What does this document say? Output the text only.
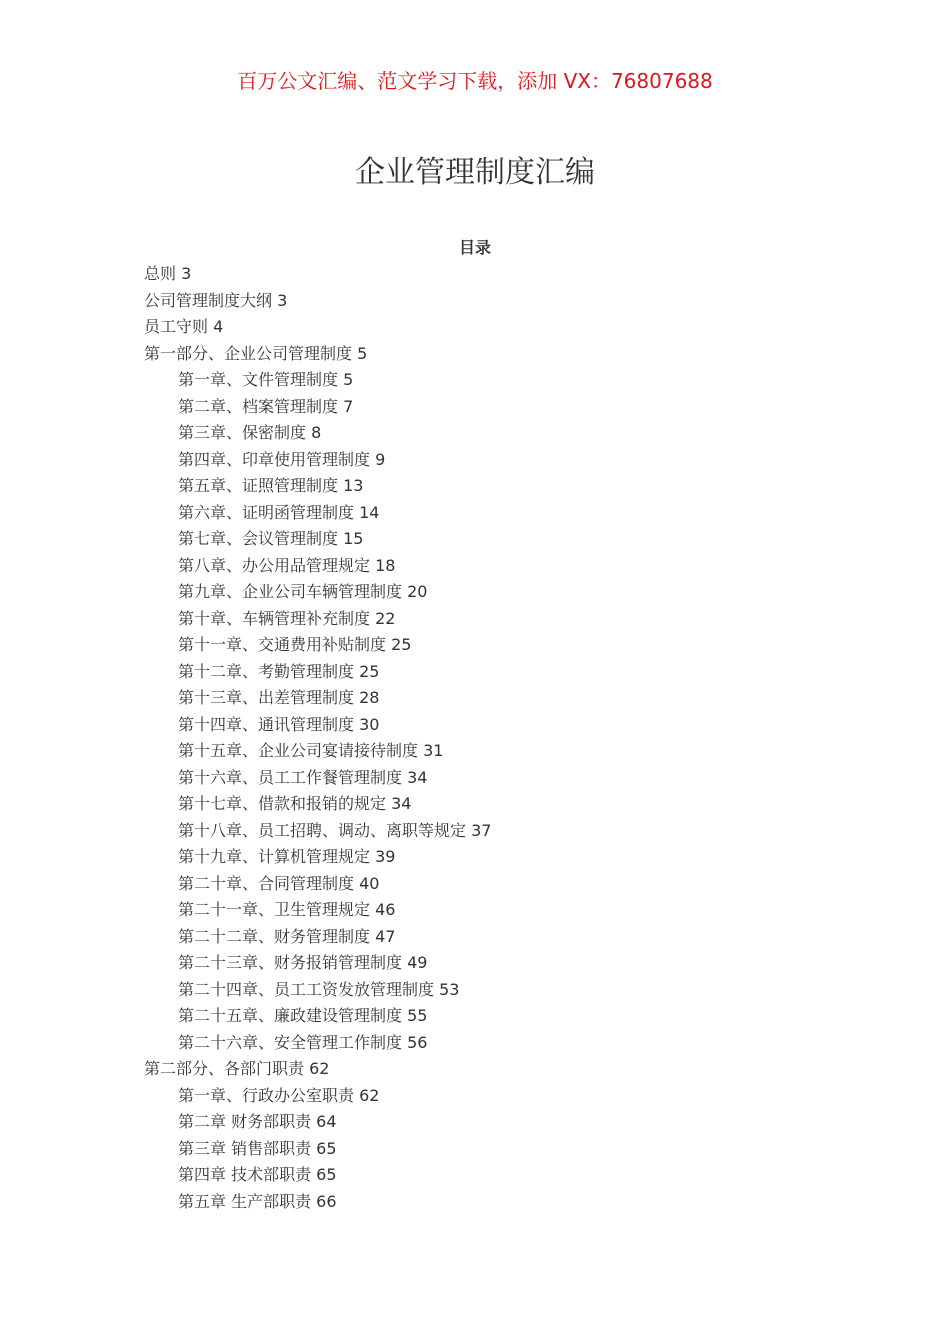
百万公文汇编、范文学习下载，添加 VX：76807688
企业管理制度汇编
目录
总则 3
公司管理制度大纲 3
员工守则 4
第一部分、企业公司管理制度 5
第一章、文件管理制度 5
第二章、档案管理制度 7
第三章、保密制度 8
第四章、印章使用管理制度 9
第五章、证照管理制度 13
第六章、证明函管理制度 14
第七章、会议管理制度 15
第八章、办公用品管理规定 18
第九章、企业公司车辆管理制度 20
第十章、车辆管理补充制度 22
第十一章、交通费用补贴制度 25
第十二章、考勤管理制度 25
第十三章、出差管理制度 28
第十四章、通讯管理制度 30
第十五章、企业公司宴请接待制度 31
第十六章、员工工作餐管理制度 34
第十七章、借款和报销的规定 34
第十八章、员工招聘、调动、离职等规定 37
第十九章、计算机管理规定 39
第二十章、合同管理制度 40
第二十一章、卫生管理规定 46
第二十二章、财务管理制度 47
第二十三章、财务报销管理制度 49
第二十四章、员工工资发放管理制度 53
第二十五章、廉政建设管理制度 55
第二十六章、安全管理工作制度 56
第二部分、各部门职责 62
第一章、行政办公室职责 62
第二章 财务部职责 64
第三章 销售部职责 65
第四章 技术部职责 65
第五章 生产部职责 66
